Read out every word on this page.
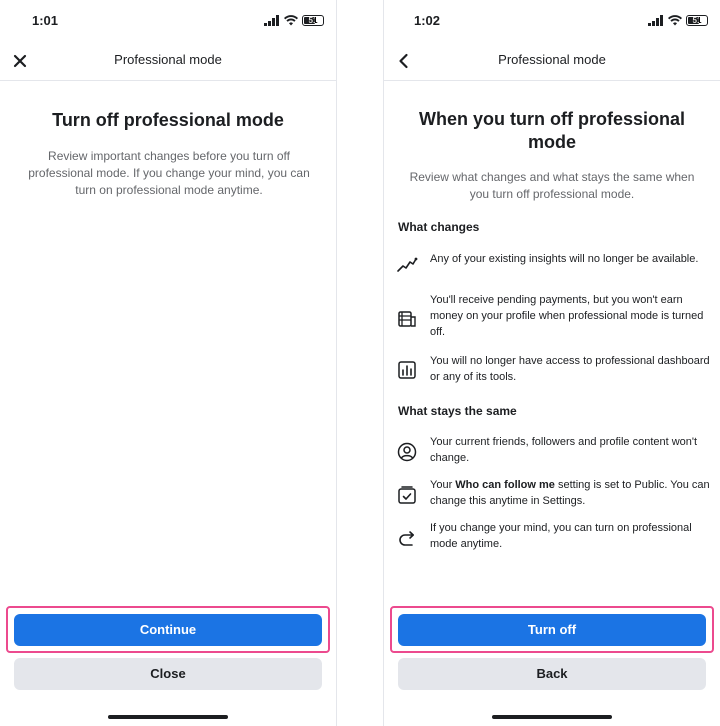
1:01	51
Professional mode
Turn off professional mode
Review important changes before you turn off professional mode. If you change your mind, you can turn on professional mode anytime.
Continue
Close
1:02	51
Professional mode
When you turn off professional mode
Review what changes and what stays the same when you turn off professional mode.
What changes
Any of your existing insights will no longer be available.
You'll receive pending payments, but you won't earn money on your profile when professional mode is turned off.
You will no longer have access to professional dashboard or any of its tools.
What stays the same
Your current friends, followers and profile content won't change.
Your Who can follow me setting is set to Public. You can change this anytime in Settings.
If you change your mind, you can turn on professional mode anytime.
Turn off
Back
